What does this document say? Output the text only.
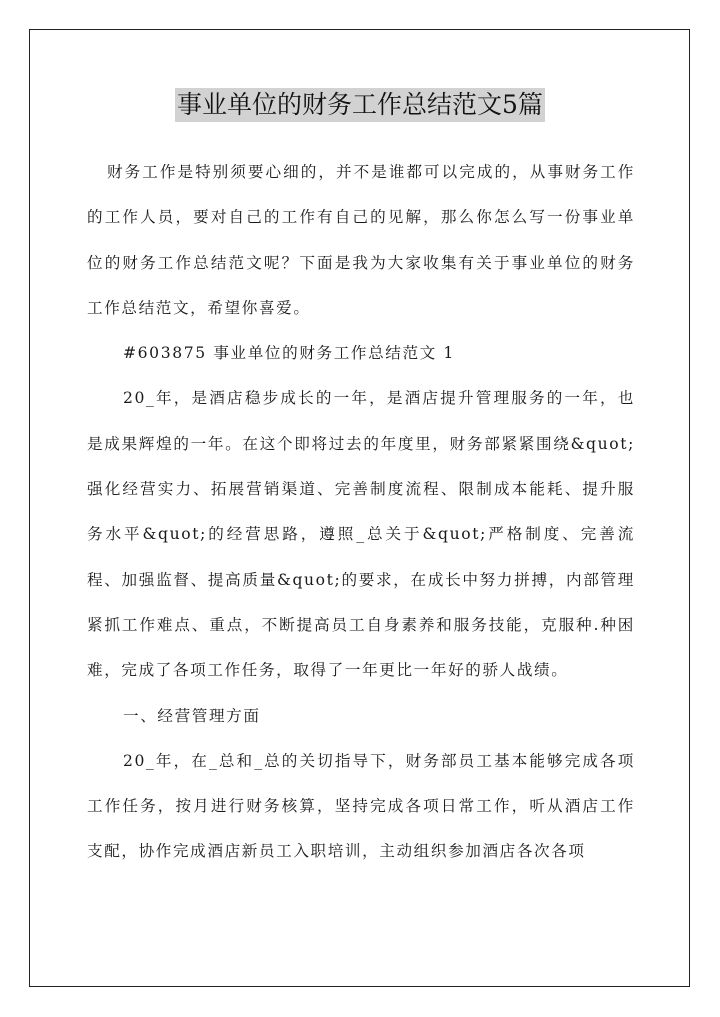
事业单位的财务工作总结范文5篇

财务工作是特别须要心细的，并不是谁都可以完成的，从事财务工作的工作人员，要对自己的工作有自己的见解，那么你怎么写一份事业单位的财务工作总结范文呢？下面是我为大家收集有关于事业单位的财务工作总结范文，希望你喜爱。

#603875 事业单位的财务工作总结范文 1

20_年，是酒店稳步成长的一年，是酒店提升管理服务的一年，也是成果辉煌的一年。在这个即将过去的年度里，财务部紧紧围绕&quot;强化经营实力、拓展营销渠道、完善制度流程、限制成本能耗、提升服务水平&quot;的经营思路，遵照_总关于&quot;严格制度、完善流程、加强监督、提高质量&quot;的要求，在成长中努力拼搏，内部管理紧抓工作难点、重点，不断提高员工自身素养和服务技能，克服种.种困难，完成了各项工作任务，取得了一年更比一年好的骄人战绩。

一、经营管理方面

20_年，在_总和_总的关切指导下，财务部员工基本能够完成各项工作任务，按月进行财务核算，坚持完成各项日常工作，听从酒店工作支配，协作完成酒店新员工入职培训，主动组织参加酒店各次各项
